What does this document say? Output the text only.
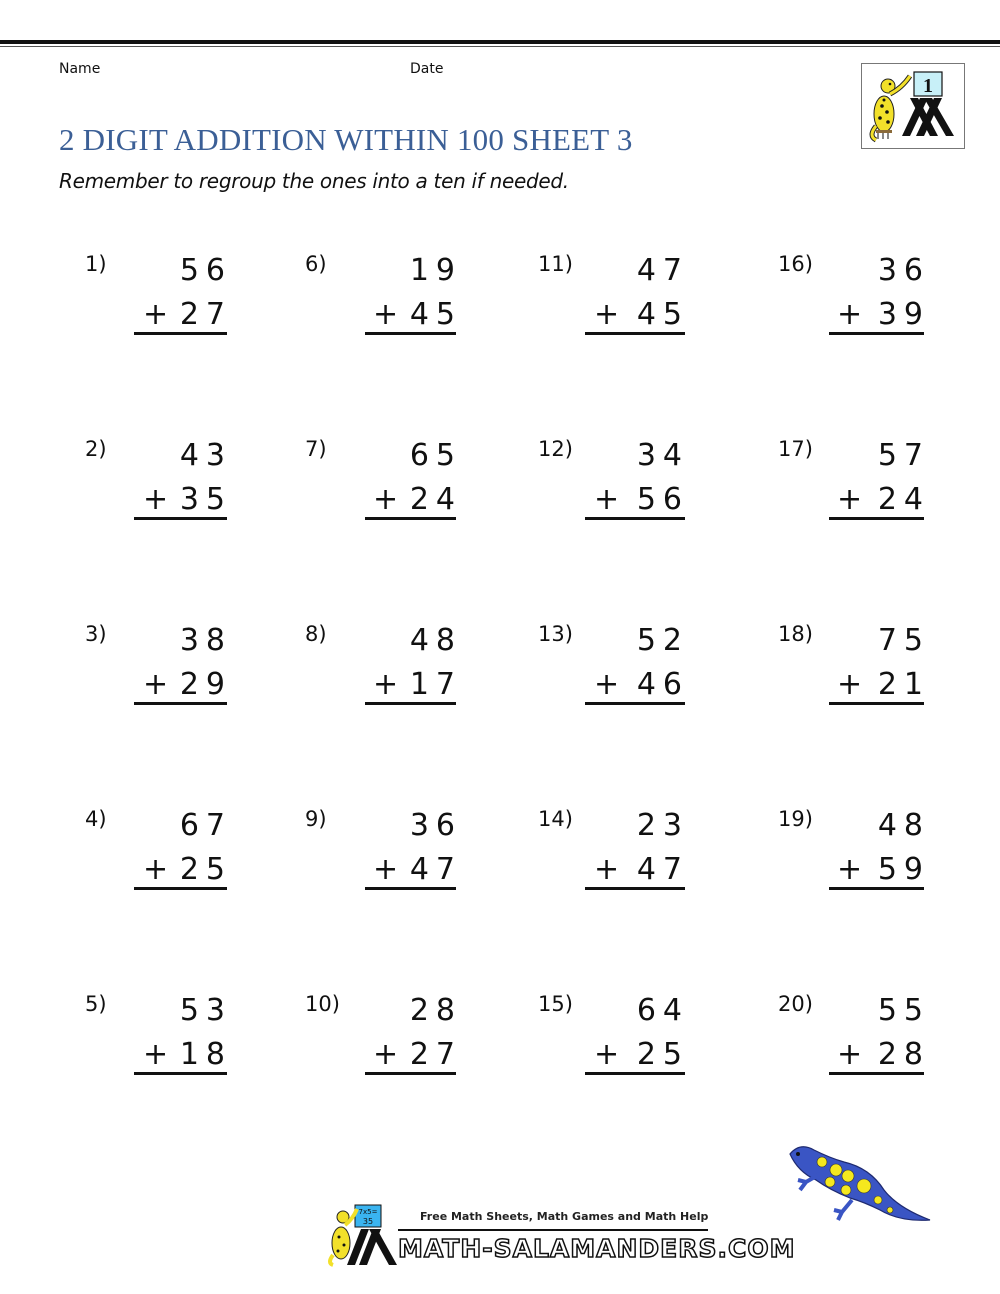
Name	Date
1
2 DIGIT ADDITION WITHIN 100 SHEET 3
Remember to regroup the ones into a ten if needed.
1) 56
+ 27
2) 43
+ 35
3) 38
+ 29
4) 67
+ 25
5) 53
+ 18
6)	19
+ 45
7)	65
+ 24
8)	48
+ 17
9)	36
+ 47
10) 28
+ 27
11) 47
+ 45
12) 34
+ 56
13) 52
+ 46
14) 23
+ 47
15) 64
+ 25
16) 36
+ 39
17) 57
+ 24
18) 75
+ 21
19) 48
+ 59
20) 55
+ 28
7x5=
35	Free Math Sheets, Math Games and Math Help
MATH-SALAMANDERS.COM
